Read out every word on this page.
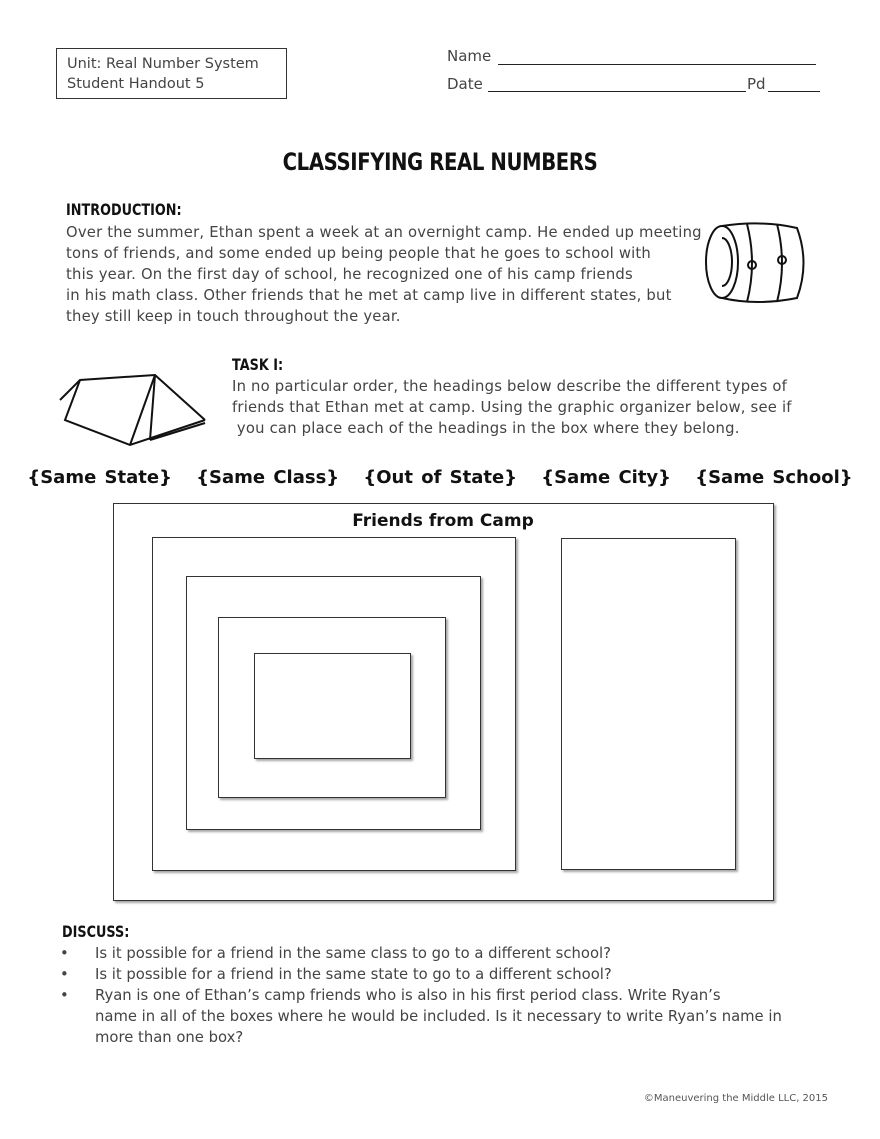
Unit: Real Number System
Student Handout 5
Name
Date	Pd
CLASSIFYING REAL NUMBERS
INTRODUCTION:
Over the summer, Ethan spent a week at an overnight camp. He ended up meeting
tons of friends, and some ended up being people that he goes to school with
this year. On the first day of school, he recognized one of his camp friends
in his math class. Other friends that he met at camp live in different states, but
they still keep in touch throughout the year.
TASK I:
In no particular order, the headings below describe the different types of
friends that Ethan met at camp. Using the graphic organizer below, see if
you can place each of the headings in the box where they belong.
{Same State} {Same Class} {Out of State} {Same City} {Same School}
Friends from Camp
DISCUSS:
• Is it possible for a friend in the same class to go to a different school?
• Is it possible for a friend in the same state to go to a different school?
• Ryan is one of Ethan’s camp friends who is also in his first period class. Write Ryan’s
name in all of the boxes where he would be included. Is it necessary to write Ryan’s name in
more than one box?
©Maneuvering the Middle LLC, 2015
